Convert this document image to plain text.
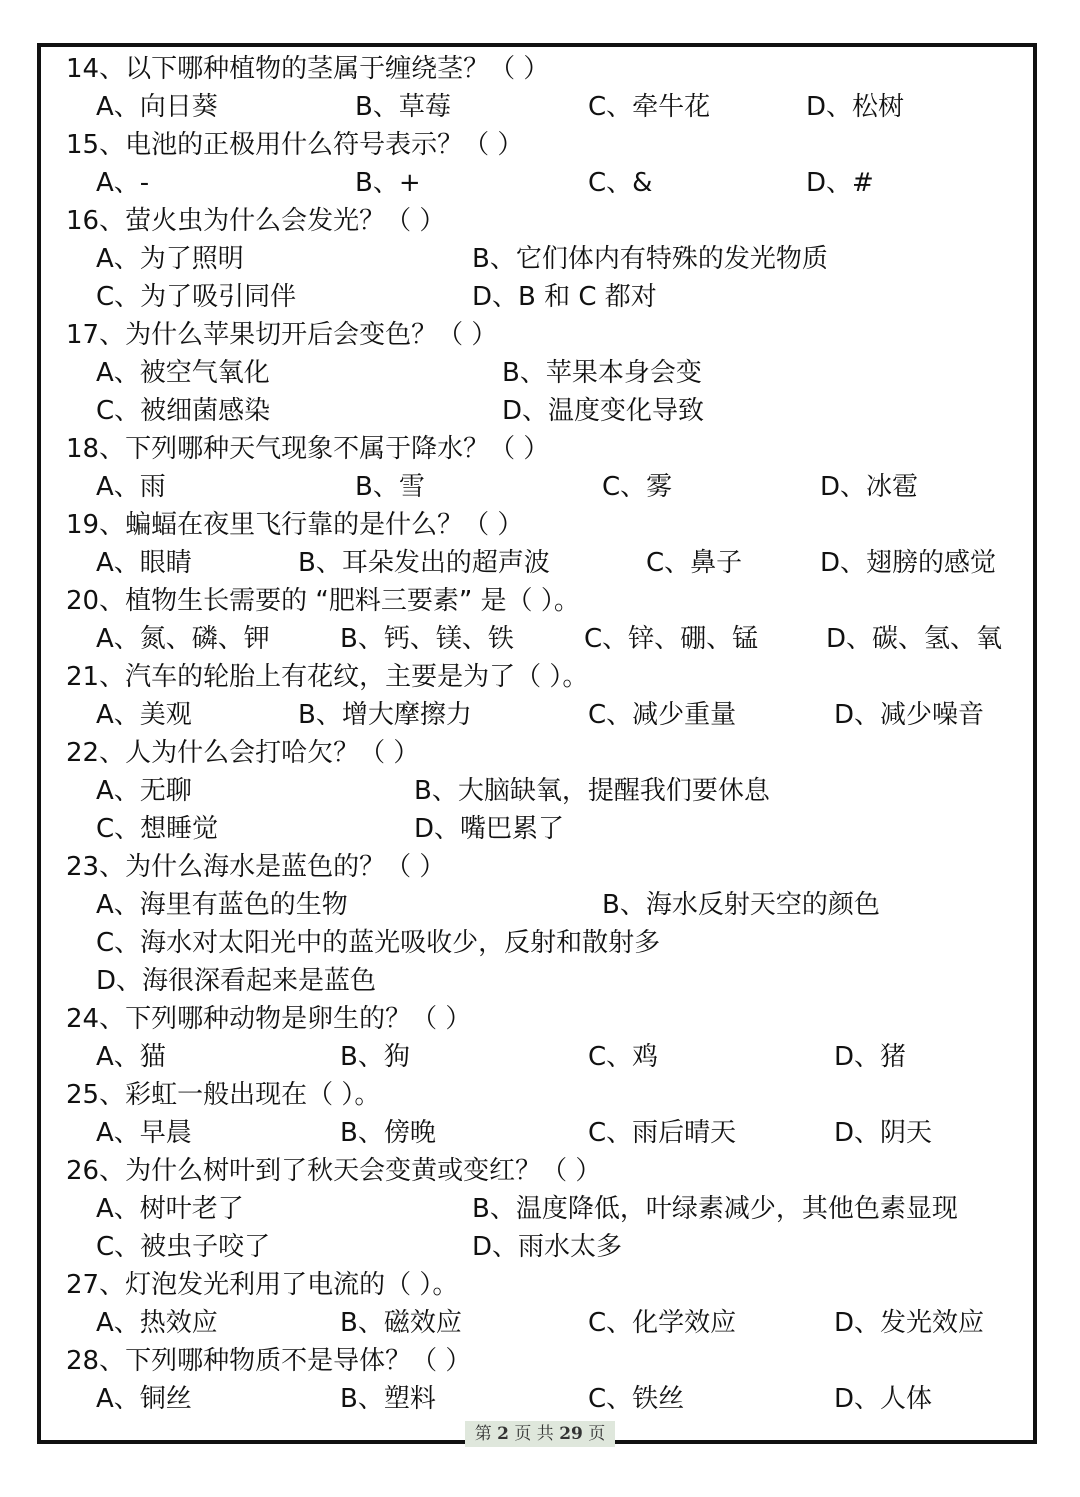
14、以下哪种植物的茎属于缠绕茎？（ ）
A、向日葵	B、草莓	C、牵牛花	D、松树
15、电池的正极用什么符号表示？（ ）
A、-	B、+	C、&	D、#
16、萤火虫为什么会发光？（ ）
A、为了照明	B、它们体内有特殊的发光物质
C、为了吸引同伴	D、B 和 C 都对
17、为什么苹果切开后会变色？（ ）
A、被空气氧化	B、苹果本身会变
C、被细菌感染	D、温度变化导致
18、下列哪种天气现象不属于降水？（ ）
A、雨	B、雪	C、雾	D、冰雹
19、蝙蝠在夜里飞行靠的是什么？（ ）
A、眼睛	B、耳朵发出的超声波	C、鼻子	D、翅膀的感觉
20、植物生长需要的 “肥料三要素” 是（ ）。
A、氮、磷、钾	B、钙、镁、铁	C、锌、硼、锰	D、碳、氢、氧
21、汽车的轮胎上有花纹，主要是为了（ ）。
A、美观	B、增大摩擦力	C、减少重量	D、减少噪音
22、人为什么会打哈欠？（ ）
A、无聊	B、大脑缺氧，提醒我们要休息
C、想睡觉	D、嘴巴累了
23、为什么海水是蓝色的？（ ）
A、海里有蓝色的生物	B、海水反射天空的颜色
C、海水对太阳光中的蓝光吸收少，反射和散射多
D、海很深看起来是蓝色
24、下列哪种动物是卵生的？（ ）
A、猫	B、狗	C、鸡	D、猪
25、彩虹一般出现在（ ）。
A、早晨	B、傍晚	C、雨后晴天	D、阴天
26、为什么树叶到了秋天会变黄或变红？（ ）
A、树叶老了	B、温度降低，叶绿素减少，其他色素显现
C、被虫子咬了	D、雨水太多
27、灯泡发光利用了电流的（ ）。
A、热效应	B、磁效应	C、化学效应	D、发光效应
28、下列哪种物质不是导体？（ ）
A、铜丝	B、塑料	C、铁丝	D、人体
第 2 页 共 29 页
